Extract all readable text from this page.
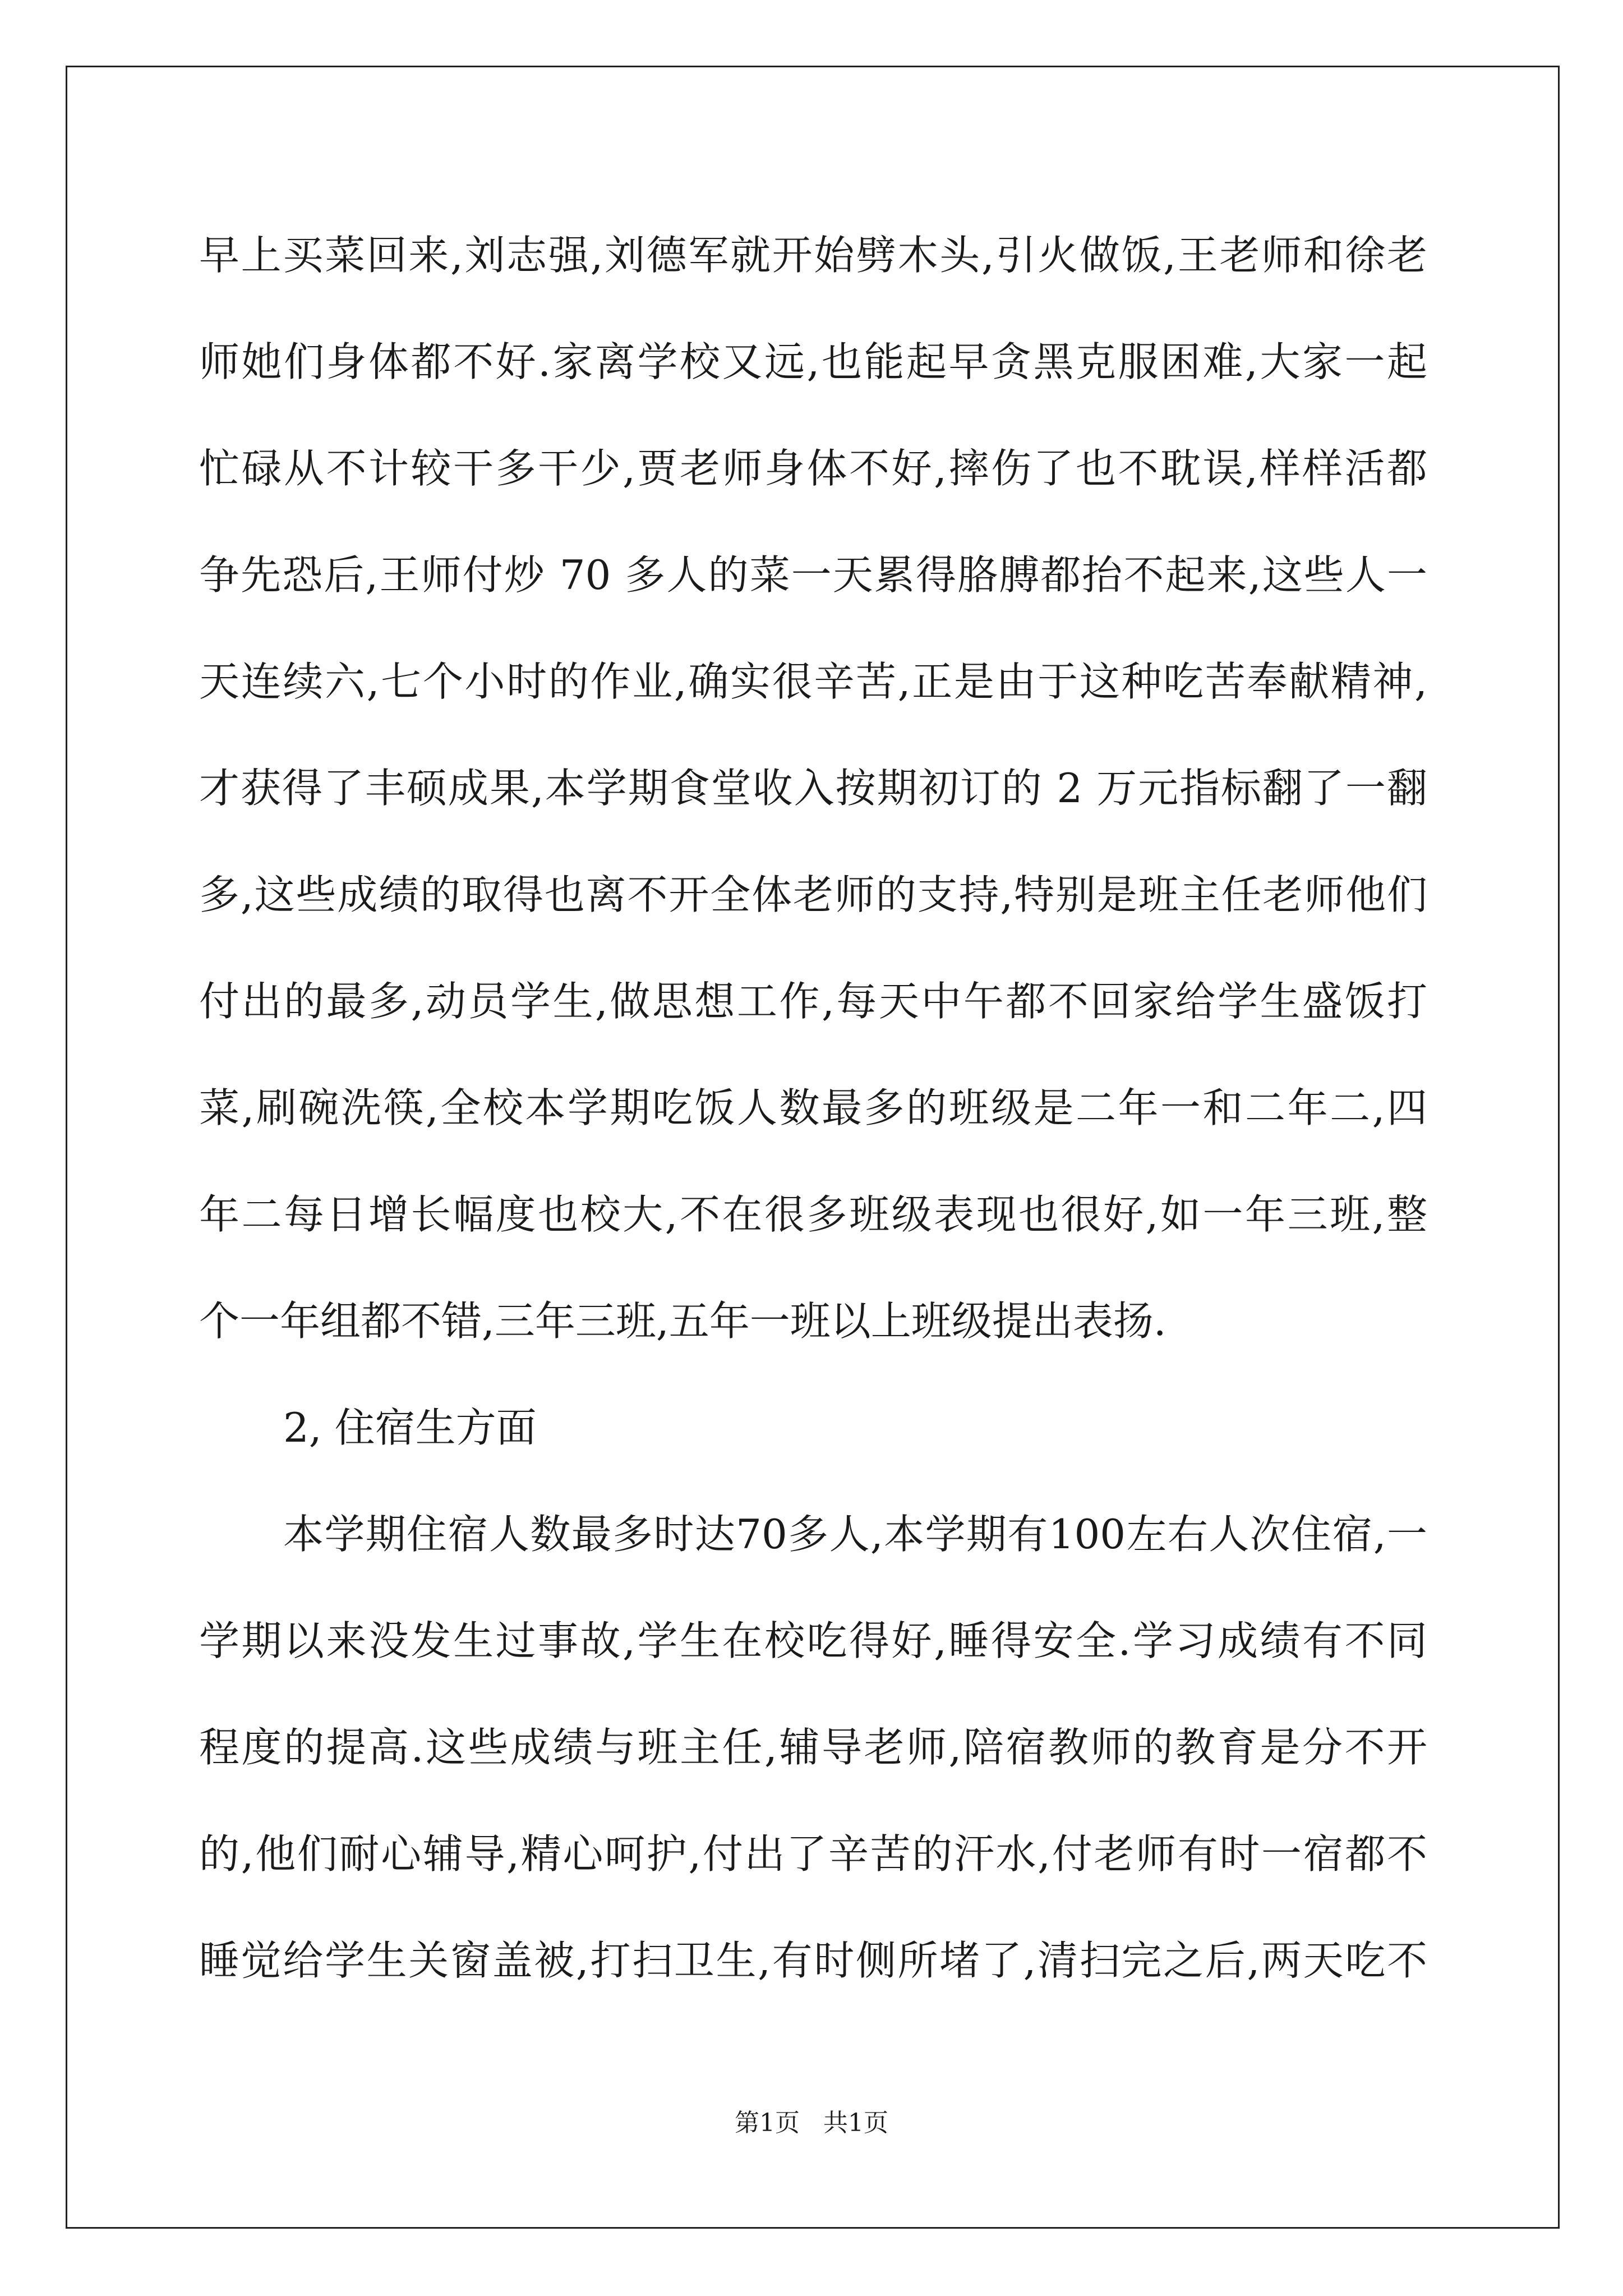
早上买菜回来,刘志强,刘德军就开始劈木头,引火做饭,王老师和徐老
师她们身体都不好.家离学校又远,也能起早贪黑克服困难,大家一起
忙碌从不计较干多干少,贾老师身体不好,摔伤了也不耽误,样样活都
争先恐后,王师付炒 70 多人的菜一天累得胳膊都抬不起来,这些人一
天连续六,七个小时的作业,确实很辛苦,正是由于这种吃苦奉献精神,
才获得了丰硕成果,本学期食堂收入按期初订的 2 万元指标翻了一翻
多,这些成绩的取得也离不开全体老师的支持,特别是班主任老师他们
付出的最多,动员学生,做思想工作,每天中午都不回家给学生盛饭打
菜,刷碗洗筷,全校本学期吃饭人数最多的班级是二年一和二年二,四
年二每日增长幅度也校大,不在很多班级表现也很好,如一年三班,整
个一年组都不错,三年三班,五年一班以上班级提出表扬.
2, 住宿生方面
本学期住宿人数最多时达70多人,本学期有100左右人次住宿,一
学期以来没发生过事故,学生在校吃得好,睡得安全.学习成绩有不同
程度的提高.这些成绩与班主任,辅导老师,陪宿教师的教育是分不开
的,他们耐心辅导,精心呵护,付出了辛苦的汗水,付老师有时一宿都不
睡觉给学生关窗盖被,打扫卫生,有时侧所堵了,清扫完之后,两天吃不
第1页   共1页
